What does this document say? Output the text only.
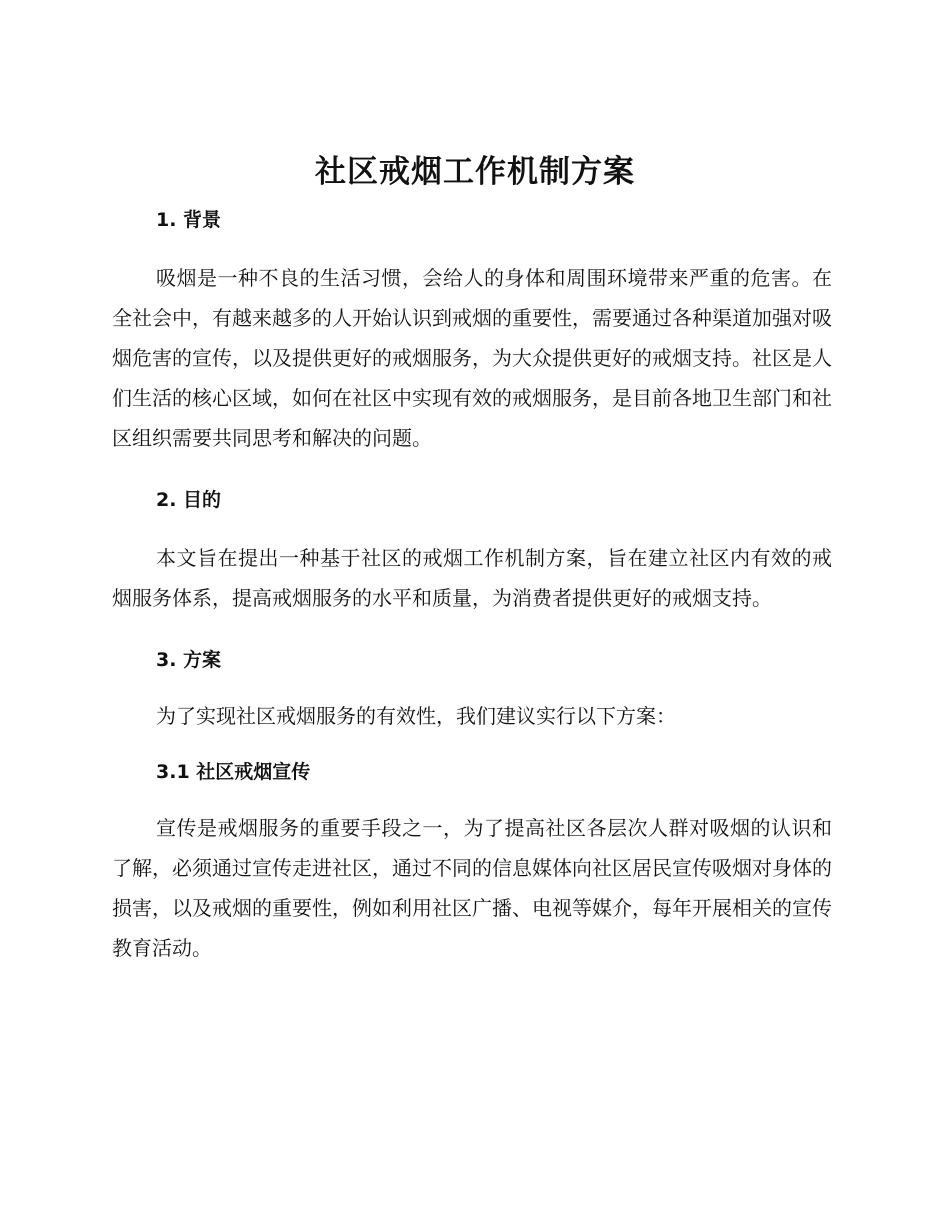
社区戒烟工作机制方案
1. 背景

吸烟是一种不良的生活习惯，会给人的身体和周围环境带来严重的危害。在全社会中，有越来越多的人开始认识到戒烟的重要性，需要通过各种渠道加强对吸烟危害的宣传，以及提供更好的戒烟服务，为大众提供更好的戒烟支持。社区是人们生活的核心区域，如何在社区中实现有效的戒烟服务，是目前各地卫生部门和社区组织需要共同思考和解决的问题。

2. 目的

本文旨在提出一种基于社区的戒烟工作机制方案，旨在建立社区内有效的戒烟服务体系，提高戒烟服务的水平和质量，为消费者提供更好的戒烟支持。

3. 方案

为了实现社区戒烟服务的有效性，我们建议实行以下方案：

3.1 社区戒烟宣传

宣传是戒烟服务的重要手段之一，为了提高社区各层次人群对吸烟的认识和了解，必须通过宣传走进社区，通过不同的信息媒体向社区居民宣传吸烟对身体的损害，以及戒烟的重要性，例如利用社区广播、电视等媒介，每年开展相关的宣传教育活动。
